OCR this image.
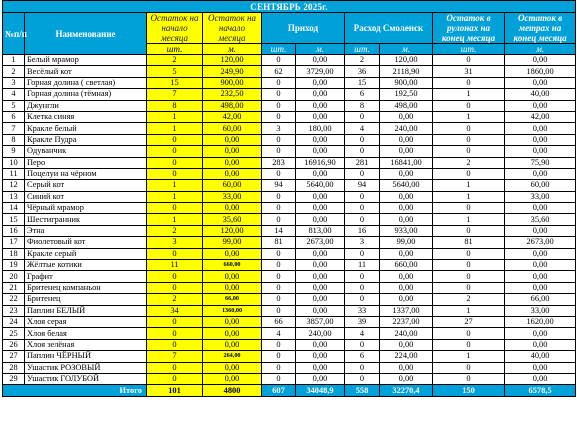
СЕНТЯБРЬ 2025г.									
№п/п	Наименование	Остаток на начало месяца	Остаток на начало месяца	Приход		Расход Смоленск		Остаток в рулонах на конец месяца	Остаток в метрах на конец месяца
		шт.	м.	шт.	м.	шт.	м.	шт.	м.
1	Белый мрамор	2	120,00	0	0,00	2	120,00	0	0,00
2	Весёлый кот	5	249,90	62	3729,00	36	2118,90	31	1860,00
3	Горная долина ( светлая)	15	900,00	0	0,00	15	900,00	0	0,00
4	Горная долина (тёмная)	7	232,50	0	0,00	6	192,50	1	40,00
5	Джунгли	8	498,00	0	0,00	8	498,00	0	0,00
6	Клетка синяя	1	42,00	0	0,00	0	0,00	1	42,00
7	Кракле белый	1	60,00	3	180,00	4	240,00	0	0,00
8	Кракле Пудра	0	0,00	0	0,00	0	0,00	0	0,00
9	Одуванчик	0	0,00	0	0,00	0	0,00	0	0,00
10	Перо	0	0,00	283	16916,90	281	16841,00	2	75,90
11	Поцелуи на чёрном	0	0,00	0	0,00	0	0,00	0	0,00
12	Серый кот	1	60,00	94	5640,00	94	5640,00	1	60,00
13	Синий кот	1	33,00	0	0,00	0	0,00	1	33,00
14	Чёрный мрамор	0	0,00	0	0,00	0	0,00	0	0,00
15	Шестигранник	1	35,60	0	0,00	0	0,00	1	35,60
16	Этна	2	120,00	14	813,00	16	933,00	0	0,00
17	Фиолетовый кот	3	99,00	81	2673,00	3	99,00	81	2673,00
18	Кракле серый	0	0,00	0	0,00	0	0,00	0	0,00
19	Жёлтые котики	11	660,00	0	0,00	11	660,00	0	0,00
20	Графит	0	0,00	0	0,00	0	0,00	0	0,00
21	Бритенец компаньон	0	0,00	0	0,00	0	0,00	0	0,00
22	Бритенец	2	66,00	0	0,00	0	0,00	2	66,00
23	Паплин БЕЛЫЙ	34	1360,00	0	0,00	33	1337,00	1	33,00
24	Хлоя серая	0	0,00	66	3857,00	39	2237,00	27	1620,00
25	Хлоя белая	0	0,00	4	240,00	4	240,00	0	0,00
26	Хлоя зелёная	0	0,00	0	0,00	0	0,00	0	0,00
27	Паплин ЧЁРНЫЙ	7	264,00	0	0,00	6	224,00	1	40,00
28	Ушастик РОЗОВЫЙ	0	0,00	0	0,00	0	0,00	0	0,00
29	Ушастик ГОЛУБОЙ	0	0,00	0	0,00	0	0,00	0	0,00
Итого		101	4800	607	34048,9	558	32270,4	150	6578,5
